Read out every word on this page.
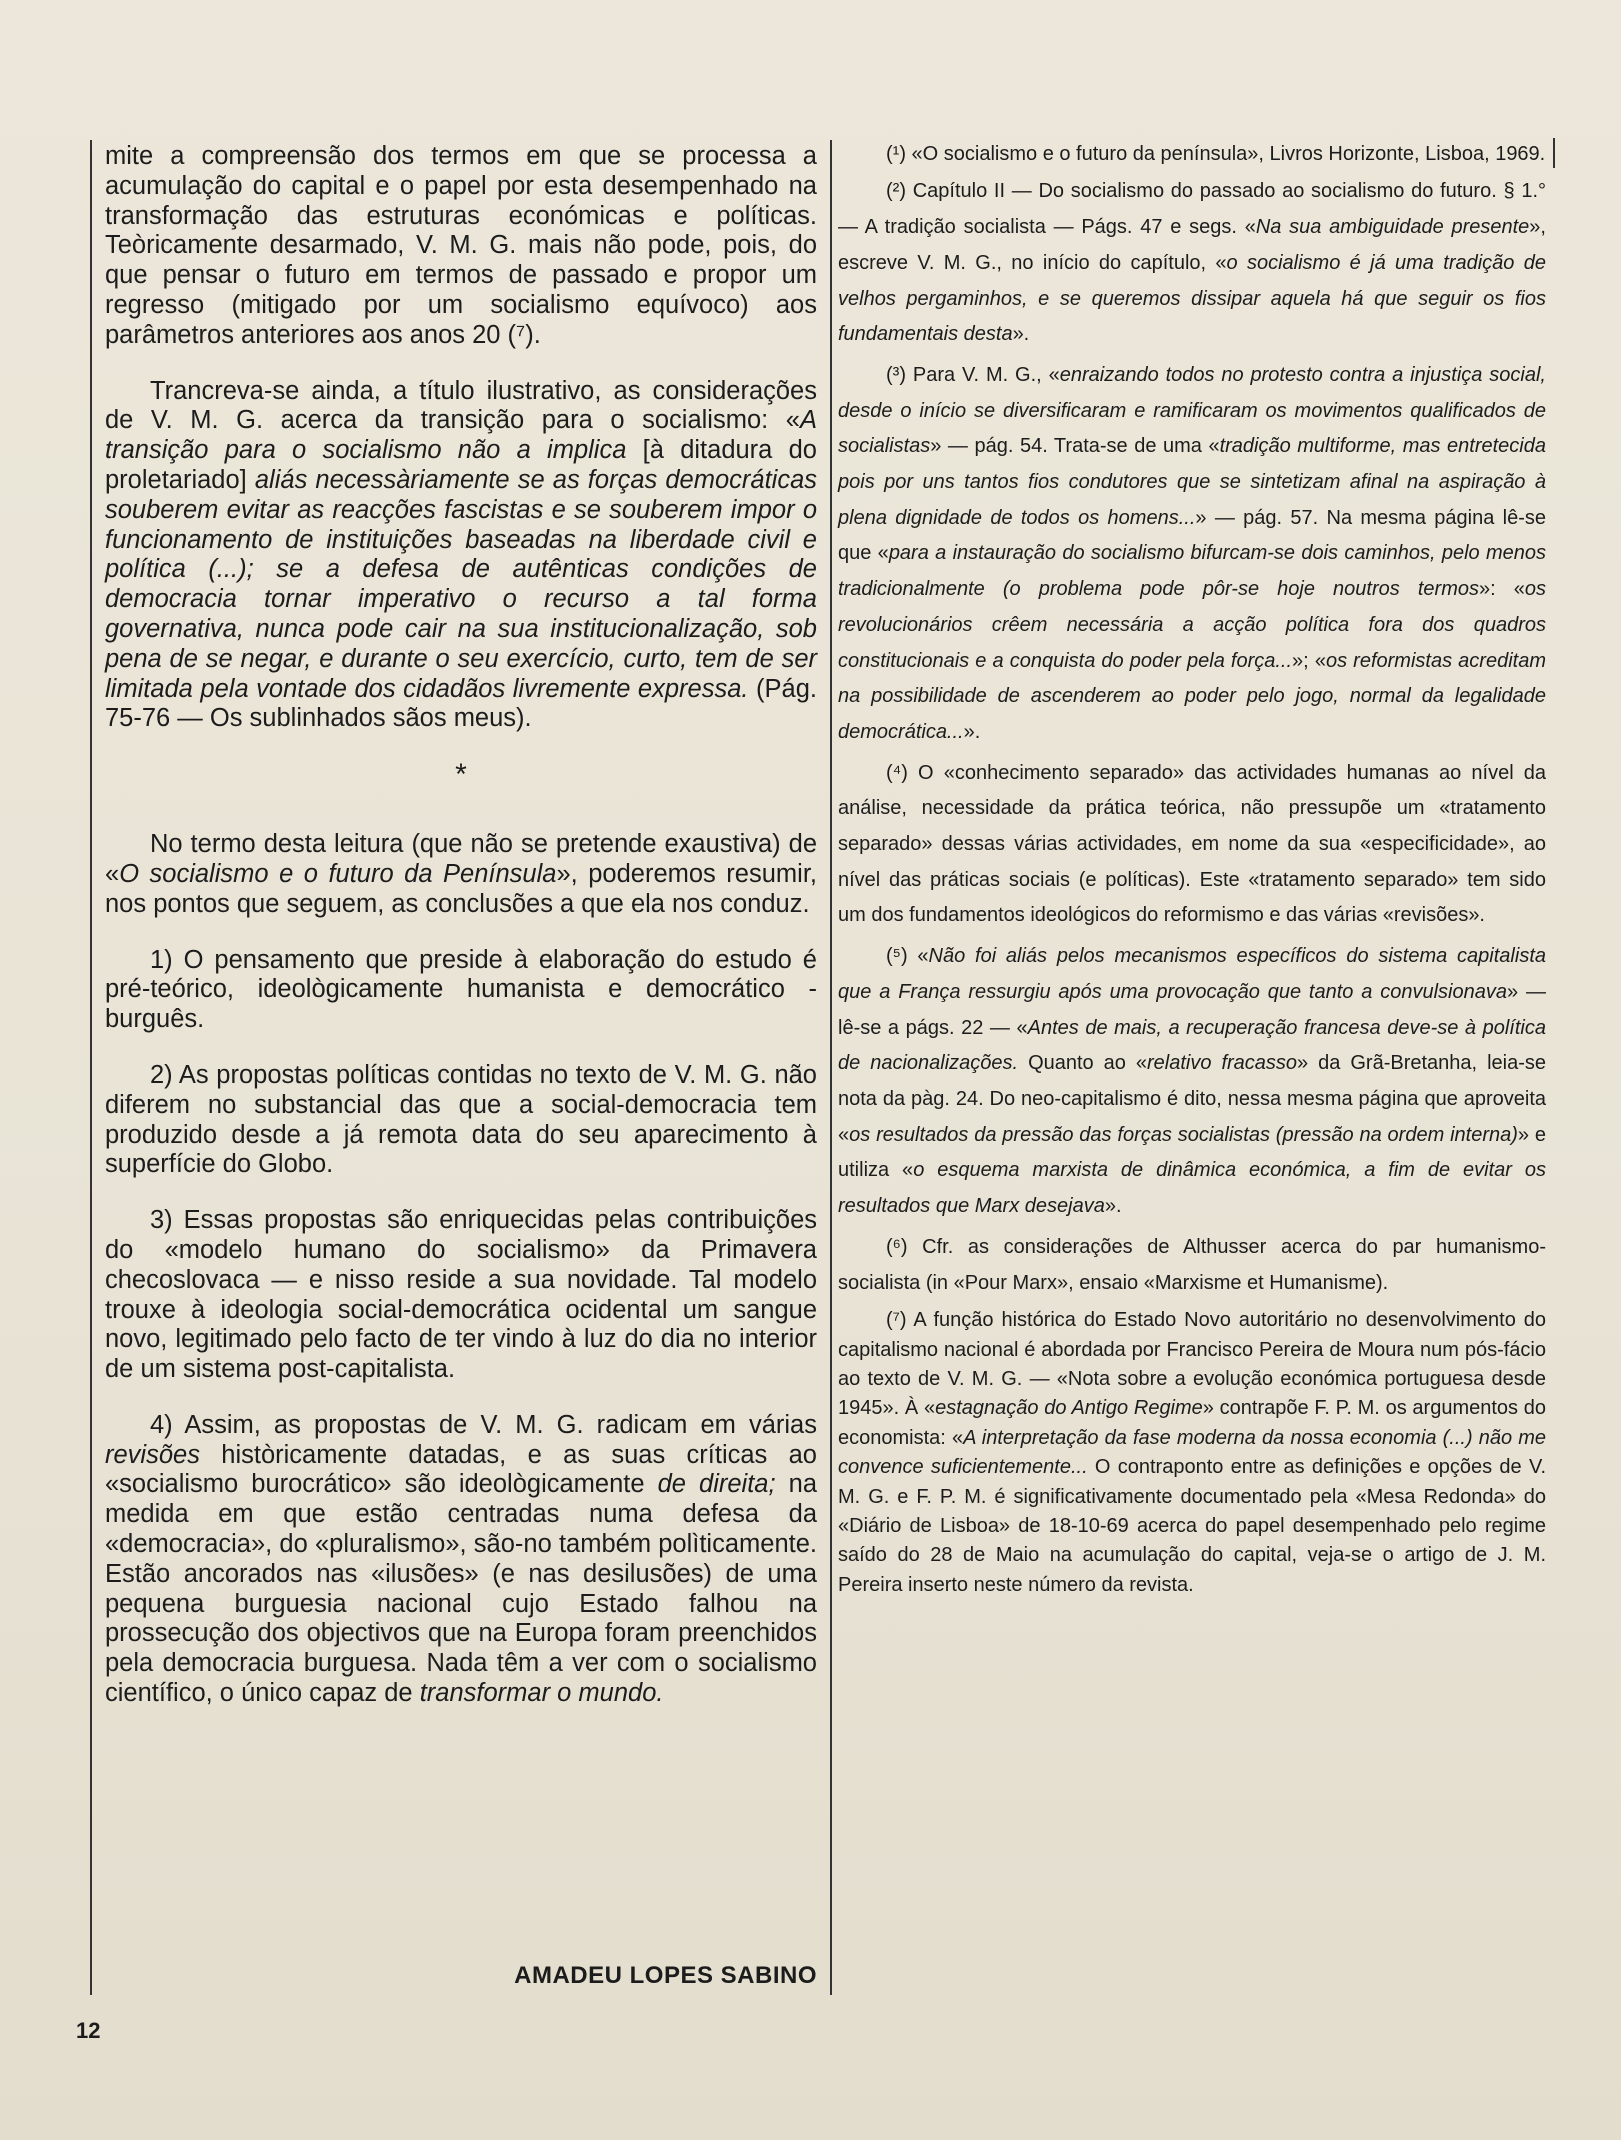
mite a compreensão dos termos em que se processa a acumulação do capital e o papel por esta desempenhado na transformação das estruturas económicas e políticas. Teòricamente desarmado, V. M. G. mais não pode, pois, do que pensar o futuro em termos de passado e propor um regresso (mitigado por um socialismo equívoco) aos parâmetros anteriores aos anos 20 (⁷).

Trancreva-se ainda, a título ilustrativo, as considerações de V. M. G. acerca da transição para o socialismo: «A transição para o socialismo não a implica [à ditadura do proletariado] aliás necessàriamente se as forças democráticas souberem evitar as reacções fascistas e se souberem impor o funcionamento de instituições baseadas na liberdade civil e política (...); se a defesa de autênticas condições de democracia tornar imperativo o recurso a tal forma governativa, nunca pode cair na sua institucionalização, sob pena de se negar, e durante o seu exercício, curto, tem de ser limitada pela vontade dos cidadãos livremente expressa. (Pág. 75-76 — Os sublinhados sãos meus).

*

No termo desta leitura (que não se pretende exaustiva) de «O socialismo e o futuro da Península», poderemos resumir, nos pontos que seguem, as conclusões a que ela nos conduz.

1) O pensamento que preside à elaboração do estudo é pré-teórico, ideològicamente humanista e democrático - burguês.

2) As propostas políticas contidas no texto de V. M. G. não diferem no substancial das que a social-democracia tem produzido desde a já remota data do seu aparecimento à superfície do Globo.

3) Essas propostas são enriquecidas pelas contribuições do «modelo humano do socialismo» da Primavera checoslovaca — e nisso reside a sua novidade. Tal modelo trouxe à ideologia social-democrática ocidental um sangue novo, legitimado pelo facto de ter vindo à luz do dia no interior de um sistema post-capitalista.

4) Assim, as propostas de V. M. G. radicam em várias revisões històricamente datadas, e as suas críticas ao «socialismo burocrático» são ideològicamente de direita; na medida em que estão centradas numa defesa da «democracia», do «pluralismo», são-no também polìticamente. Estão ancorados nas «ilusões» (e nas desilusões) de uma pequena burguesia nacional cujo Estado falhou na prossecução dos objectivos que na Europa foram preenchidos pela democracia burguesa. Nada têm a ver com o socialismo científico, o único capaz de transformar o mundo.

AMADEU LOPES SABINO

(¹) «O socialismo e o futuro da península», Livros Horizonte, Lisboa, 1969.

(²) Capítulo II — Do socialismo do passado ao socialismo do futuro. § 1.° — A tradição socialista — Págs. 47 e segs. «Na sua ambiguidade presente», escreve V. M. G., no início do capítulo, «o socialismo é já uma tradição de velhos pergaminhos, e se queremos dissipar aquela há que seguir os fios fundamentais desta».

(³) Para V. M. G., «enraizando todos no protesto contra a injustiça social, desde o início se diversificaram e ramificaram os movimentos qualificados de socialistas» — pág. 54. Trata-se de uma «tradição multiforme, mas entretecida pois por uns tantos fios condutores que se sintetizam afinal na aspiração à plena dignidade de todos os homens...» — pág. 57. Na mesma página lê-se que «para a instauração do socialismo bifurcam-se dois caminhos, pelo menos tradicionalmente (o problema pode pôr-se hoje noutros termos»: «os revolucionários crêem necessária a acção política fora dos quadros constitucionais e a conquista do poder pela força...»; «os reformistas acreditam na possibilidade de ascenderem ao poder pelo jogo, normal da legalidade democrática...».

(⁴) O «conhecimento separado» das actividades humanas ao nível da análise, necessidade da prática teórica, não pressupõe um «tratamento separado» dessas várias actividades, em nome da sua «especificidade», ao nível das práticas sociais (e políticas). Este «tratamento separado» tem sido um dos fundamentos ideológicos do reformismo e das várias «revisões».

(⁵) «Não foi aliás pelos mecanismos específicos do sistema capitalista que a França ressurgiu após uma provocação que tanto a convulsionava» — lê-se a págs. 22 — «Antes de mais, a recuperação francesa deve-se à política de nacionalizações. Quanto ao «relativo fracasso» da Grã-Bretanha, leia-se nota da pàg. 24. Do neo-capitalismo é dito, nessa mesma página que aproveita «os resultados da pressão das forças socialistas (pressão na ordem interna)» e utiliza «o esquema marxista de dinâmica económica, a fim de evitar os resultados que Marx desejava».

(⁶) Cfr. as considerações de Althusser acerca do par humanismo-socialista (in «Pour Marx», ensaio «Marxisme et Humanisme).

(⁷) A função histórica do Estado Novo autoritário no desenvolvimento do capitalismo nacional é abordada por Francisco Pereira de Moura num pós-fácio ao texto de V. M. G. — «Nota sobre a evolução económica portuguesa desde 1945». À «estagnação do Antigo Regime» contrapõe F. P. M. os argumentos do economista: «A interpretação da fase moderna da nossa economia (...) não me convence suficientemente... O contraponto entre as definições e opções de V. M. G. e F. P. M. é significativamente documentado pela «Mesa Redonda» do «Diário de Lisboa» de 18-10-69 acerca do papel desempenhado pelo regime saído do 28 de Maio na acumulação do capital, veja-se o artigo de J. M. Pereira inserto neste número da revista.

12
